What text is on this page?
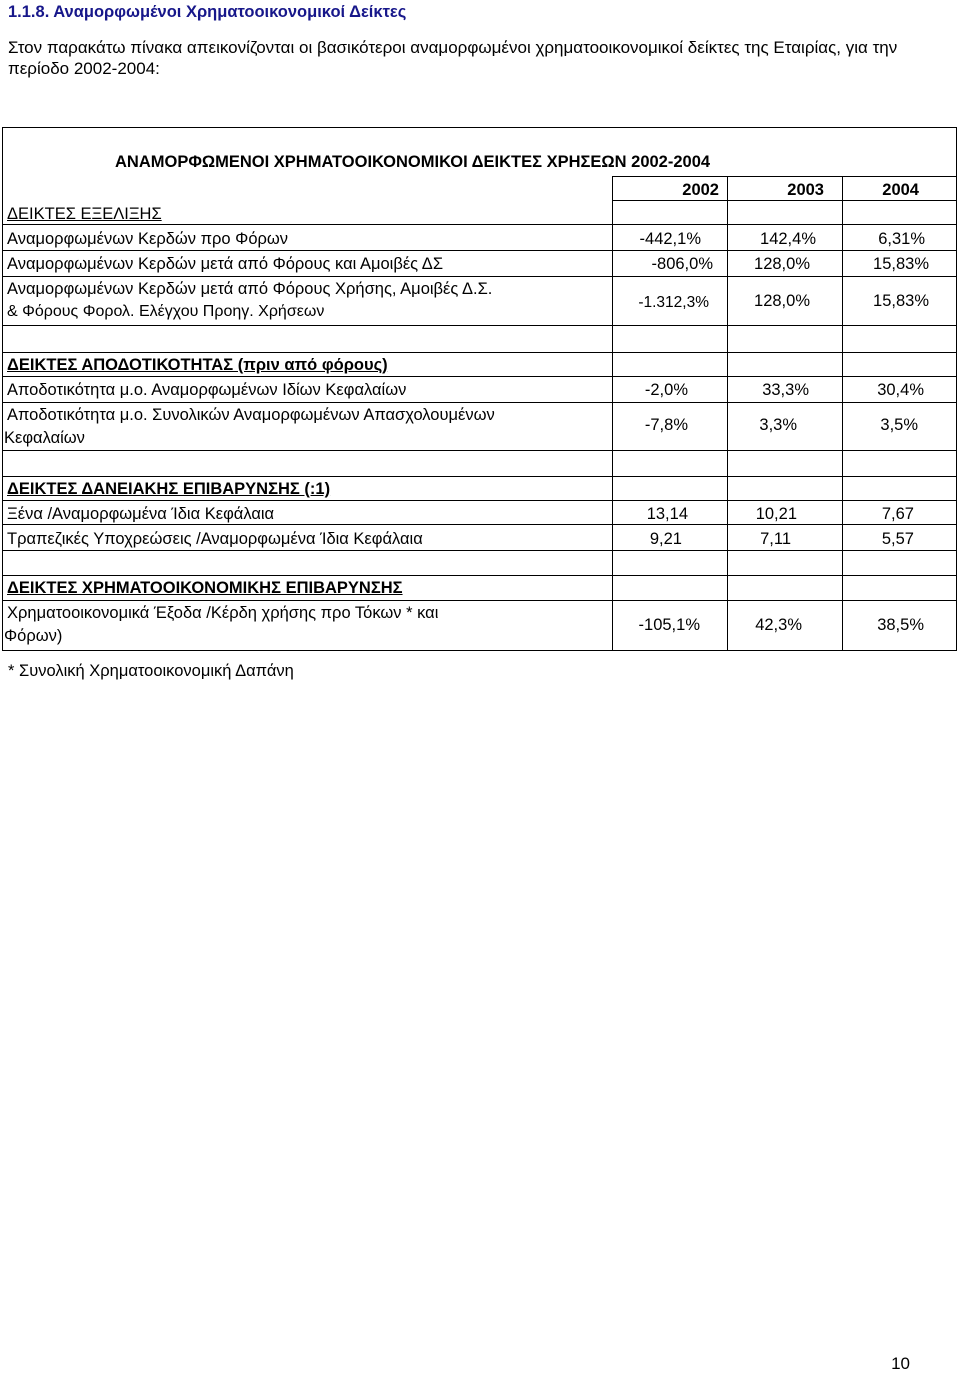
1.1.8. Αναμορφωμένοι Χρηματοοικονομικοί Δείκτες
Στον παρακάτω πίνακα απεικονίζονται οι βασικότεροι αναμορφωμένοι χρηματοοικονομικοί δείκτες της Εταιρίας, για την περίοδο 2002-2004:
ΑΝΑΜΟΡΦΩΜΕΝΟΙ ΧΡΗΜΑΤΟΟΙΚΟΝΟΜΙΚΟΙ ΔΕΙΚΤΕΣ ΧΡΗΣΕΩΝ 2002-2004
2002	2003	2004
ΔΕΙΚΤΕΣ ΕΞΕΛΙΞΗΣ
Αναμορφωμένων Κερδών προ Φόρων	-442,1%	142,4%	6,31%
Αναμορφωμένων Κερδών μετά από Φόρους και Αμοιβές ΔΣ	-806,0%	128,0%	15,83%
Αναμορφωμένων Κερδών μετά από Φόρους Χρήσης, Αμοιβές Δ.Σ.
& Φόρους Φορολ. Ελέγχου Προηγ. Χρήσεων
-1.312,3%	128,0%	15,83%
ΔΕΙΚΤΕΣ ΑΠΟΔΟΤΙΚΟΤΗΤΑΣ (πριν από φόρους)
Αποδοτικότητα μ.ο. Αναμορφωμένων Ιδίων Κεφαλαίων	-2,0%	33,3%	30,4%
Αποδοτικότητα μ.ο. Συνολικών Αναμορφωμένων Απασχολουμένων
Κεφαλαίων
-7,8%	3,3%	3,5%
ΔΕΙΚΤΕΣ ΔΑΝΕΙΑΚΗΣ ΕΠΙΒΑΡΥΝΣΗΣ (:1)
Ξένα /Αναμορφωμένα Ίδια Κεφάλαια	13,14	10,21	7,67
Τραπεζικές Υποχρεώσεις /Αναμορφωμένα Ίδια Κεφάλαια	9,21	7,11	5,57
ΔΕΙΚΤΕΣ ΧΡΗΜΑΤΟΟΙΚΟΝΟΜΙΚΗΣ ΕΠΙΒΑΡΥΝΣΗΣ
Χρηματοοικονομικά Έξοδα /Κέρδη χρήσης προ Τόκων * και
Φόρων)
-105,1%	42,3%	38,5%
* Συνολική Χρηματοοικονομική Δαπάνη
10
